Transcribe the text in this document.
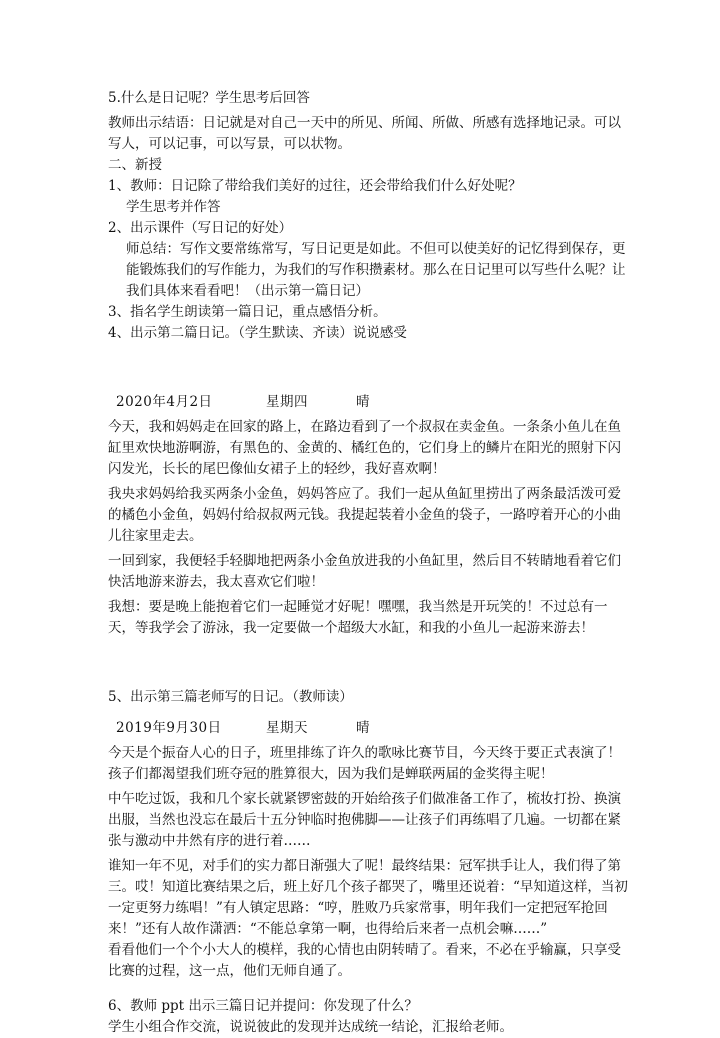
5.什么是日记呢？学生思考后回答

教师出示结语：日记就是对自己一天中的所见、所闻、所做、所感有选择地记录。可以写人，可以记事，可以写景，可以状物。

二、新授

1、教师：日记除了带给我们美好的过往，还会带给我们什么好处呢？

学生思考并作答

2、出示课件（写日记的好处）

师总结：写作文要常练常写，写日记更是如此。不但可以使美好的记忆得到保存，更能锻炼我们的写作能力，为我们的写作积攒素材。那么在日记里可以写些什么呢？让我们具体来看看吧！（出示第一篇日记）

3、指名学生朗读第一篇日记，重点感悟分析。

4、出示第二篇日记。（学生默读、齐读）说说感受

2020年4月2日	星期四	晴

今天，我和妈妈走在回家的路上，在路边看到了一个叔叔在卖金鱼。一条条小鱼儿在鱼缸里欢快地游啊游，有黑色的、金黄的、橘红色的，它们身上的鳞片在阳光的照射下闪闪发光，长长的尾巴像仙女裙子上的轻纱，我好喜欢啊！

我央求妈妈给我买两条小金鱼，妈妈答应了。我们一起从鱼缸里捞出了两条最活泼可爱的橘色小金鱼，妈妈付给叔叔两元钱。我提起装着小金鱼的袋子，一路哼着开心的小曲儿往家里走去。

一回到家，我便轻手轻脚地把两条小金鱼放进我的小鱼缸里，然后目不转睛地看着它们快活地游来游去，我太喜欢它们啦！

我想：要是晚上能抱着它们一起睡觉才好呢！嘿嘿，我当然是开玩笑的！不过总有一天，等我学会了游泳，我一定要做一个超级大水缸，和我的小鱼儿一起游来游去！

5、出示第三篇老师写的日记。（教师读）

2019年9月30日	星期天	晴

今天是个振奋人心的日子，班里排练了许久的歌咏比赛节目，今天终于要正式表演了！孩子们都渴望我们班夺冠的胜算很大，因为我们是蝉联两届的金奖得主呢！

中午吃过饭，我和几个家长就紧锣密鼓的开始给孩子们做准备工作了，梳妆打扮、换演出服，当然也没忘在最后十五分钟临时抱佛脚——让孩子们再练唱了几遍。一切都在紧张与激动中井然有序的进行着……

谁知一年不见，对手们的实力都日渐强大了呢！最终结果：冠军拱手让人，我们得了第三。哎！知道比赛结果之后，班上好几个孩子都哭了，嘴里还说着：“早知道这样，当初一定更努力练唱！”有人镇定思路：“哼，胜败乃兵家常事，明年我们一定把冠军抢回来！”还有人故作潇洒：“不能总拿第一啊，也得给后来者一点机会嘛……”

看看他们一个个小大人的模样，我的心情也由阴转晴了。看来，不必在乎输赢，只享受比赛的过程，这一点，他们无师自通了。

6、教师 ppt 出示三篇日记并提问：你发现了什么？

学生小组合作交流，说说彼此的发现并达成统一结论，汇报给老师。
